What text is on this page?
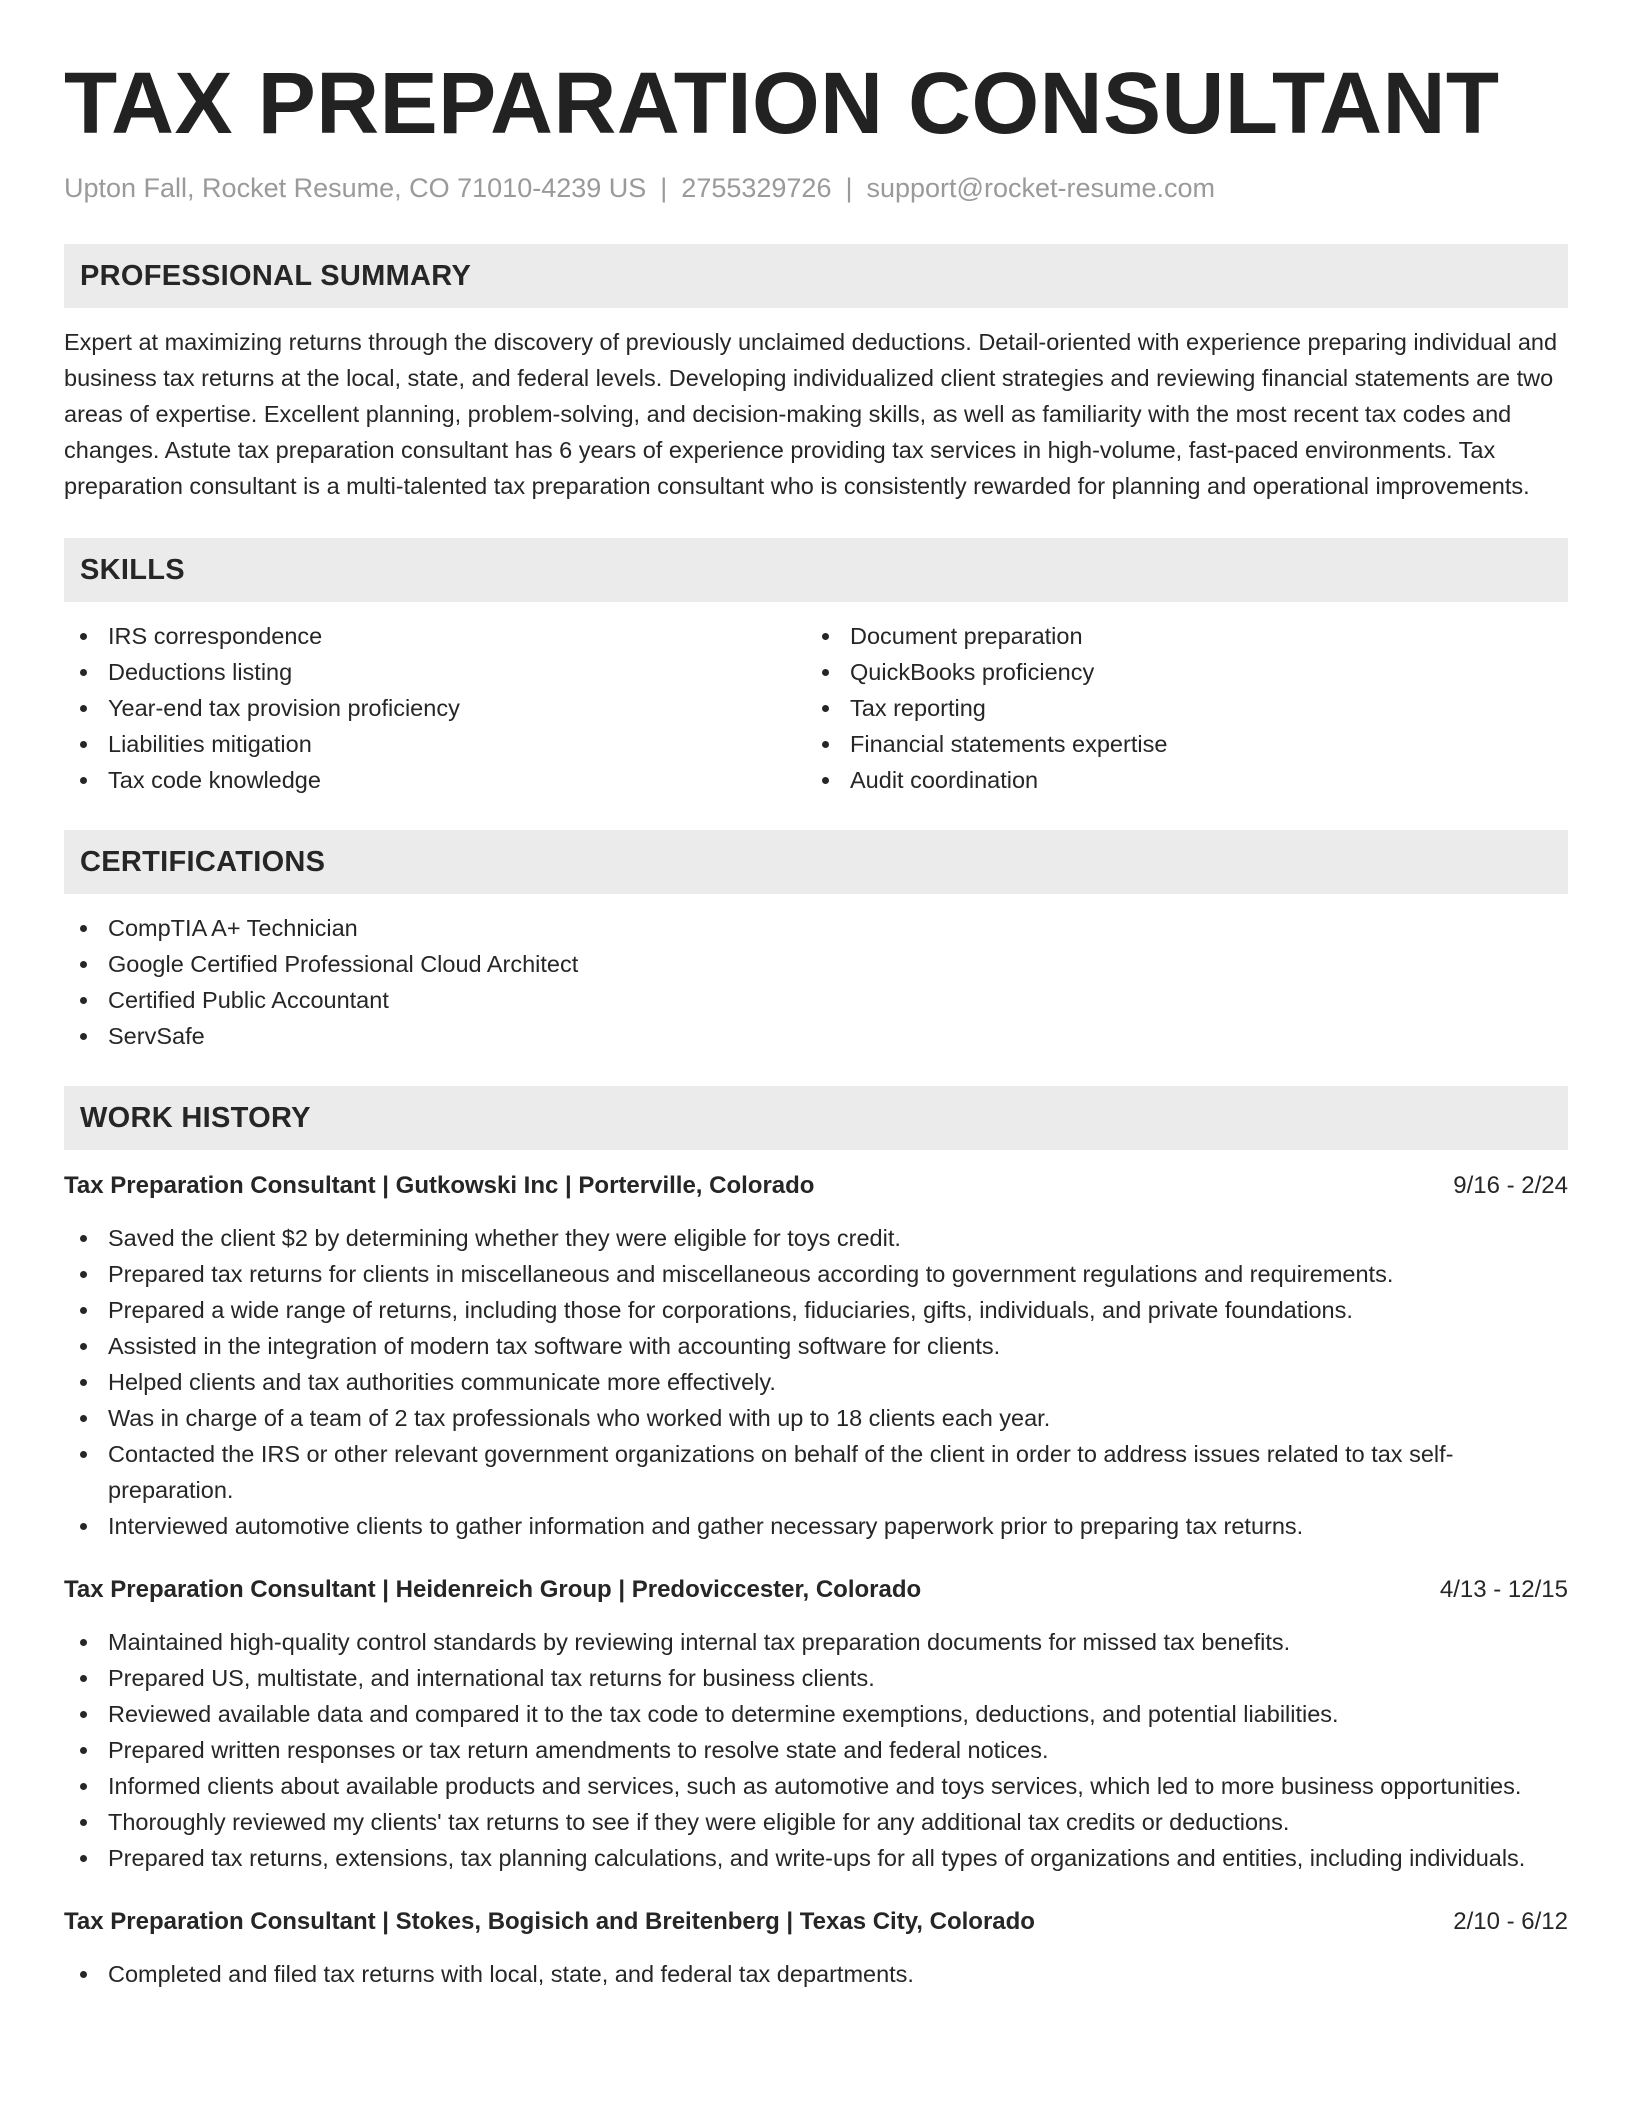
TAX PREPARATION CONSULTANT
Upton Fall, Rocket Resume, CO 71010-4239 US | 2755329726 | support@rocket-resume.com
PROFESSIONAL SUMMARY

Expert at maximizing returns through the discovery of previously unclaimed deductions. Detail-oriented with experience preparing individual and business tax returns at the local, state, and federal levels. Developing individualized client strategies and reviewing financial statements are two areas of expertise. Excellent planning, problem-solving, and decision-making skills, as well as familiarity with the most recent tax codes and changes. Astute tax preparation consultant has 6 years of experience providing tax services in high-volume, fast-paced environments. Tax preparation consultant is a multi-talented tax preparation consultant who is consistently rewarded for planning and operational improvements.

SKILLS
IRS correspondence
Deductions listing
Year-end tax provision proficiency
Liabilities mitigation
Tax code knowledge
Document preparation
QuickBooks proficiency
Tax reporting
Financial statements expertise
Audit coordination
CERTIFICATIONS
CompTIA A+ Technician
Google Certified Professional Cloud Architect
Certified Public Accountant
ServSafe
WORK HISTORY
Tax Preparation Consultant | Gutkowski Inc | Porterville, Colorado	9/16 - 2/24
Saved the client $2 by determining whether they were eligible for toys credit.
Prepared tax returns for clients in miscellaneous and miscellaneous according to government regulations and requirements.
Prepared a wide range of returns, including those for corporations, fiduciaries, gifts, individuals, and private foundations.
Assisted in the integration of modern tax software with accounting software for clients.
Helped clients and tax authorities communicate more effectively.
Was in charge of a team of 2 tax professionals who worked with up to 18 clients each year.
Contacted the IRS or other relevant government organizations on behalf of the client in order to address issues related to tax self-preparation.
Interviewed automotive clients to gather information and gather necessary paperwork prior to preparing tax returns.
Tax Preparation Consultant | Heidenreich Group | Predoviccester, Colorado	4/13 - 12/15
Maintained high-quality control standards by reviewing internal tax preparation documents for missed tax benefits.
Prepared US, multistate, and international tax returns for business clients.
Reviewed available data and compared it to the tax code to determine exemptions, deductions, and potential liabilities.
Prepared written responses or tax return amendments to resolve state and federal notices.
Informed clients about available products and services, such as automotive and toys services, which led to more business opportunities.
Thoroughly reviewed my clients' tax returns to see if they were eligible for any additional tax credits or deductions.
Prepared tax returns, extensions, tax planning calculations, and write-ups for all types of organizations and entities, including individuals.
Tax Preparation Consultant | Stokes, Bogisich and Breitenberg | Texas City, Colorado	2/10 - 6/12
Completed and filed tax returns with local, state, and federal tax departments.
